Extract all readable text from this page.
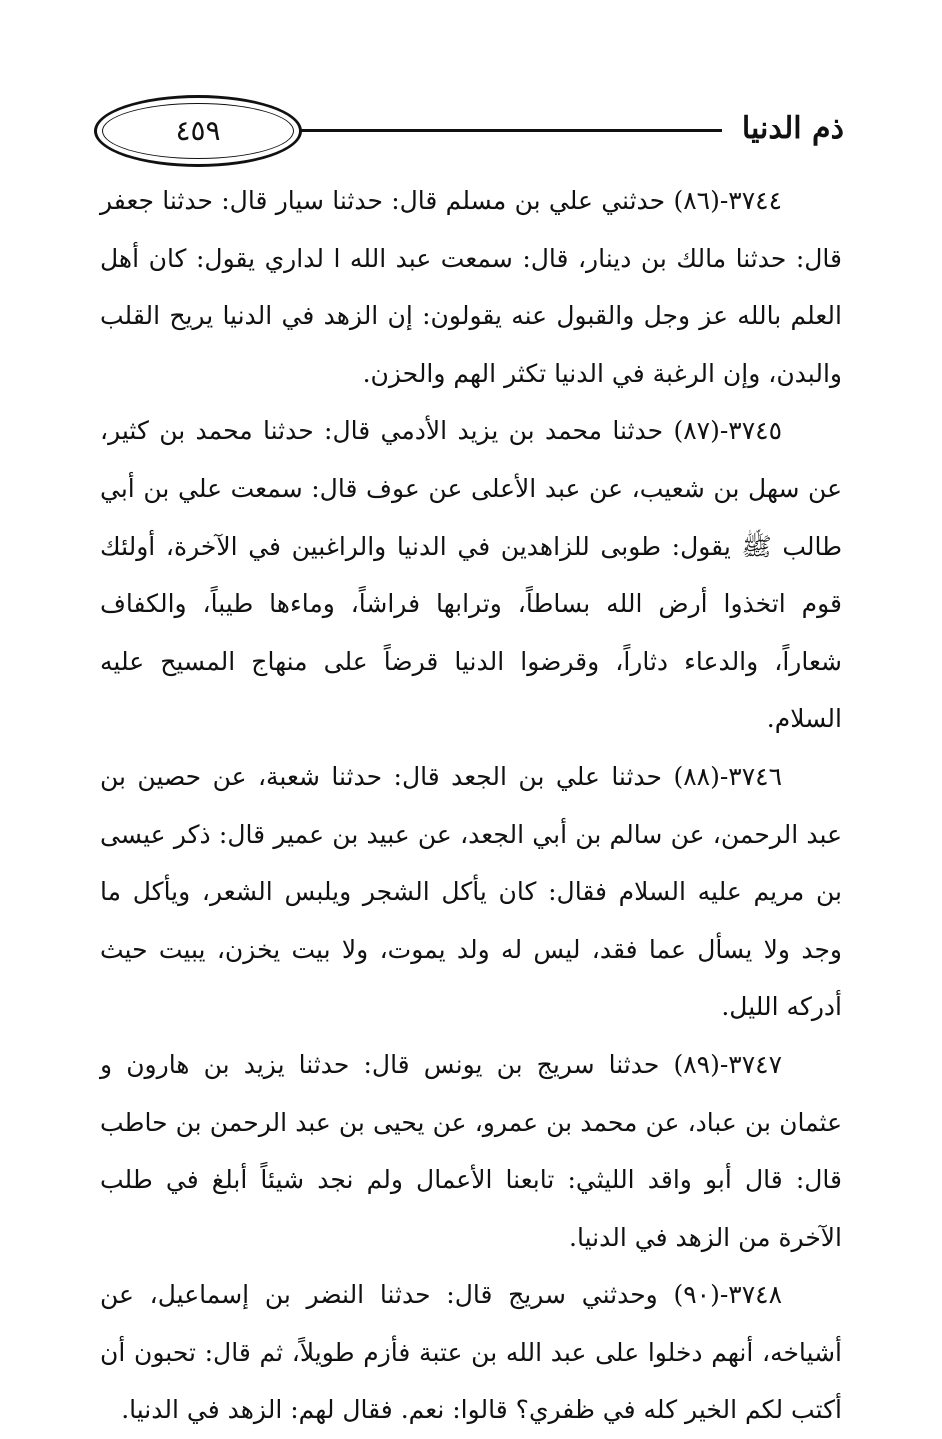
٤٥٩	ذم الدنيا

٣٧٤٤-(٨٦) حدثني علي بن مسلم قال: حدثنا سيار قال: حدثنا جعفر قال: حدثنا مالك بن دينار، قال: سمعت عبد الله ا لداري يقول: كان أهل العلم بالله عز وجل والقبول عنه يقولون: إن الزهد في الدنيا يريح القلب والبدن، وإن الرغبة في الدنيا تكثر الهم والحزن.

٣٧٤٥-(٨٧) حدثنا محمد بن يزيد الأدمي قال: حدثنا محمد بن كثير، عن سهل بن شعيب، عن عبد الأعلى عن عوف قال: سمعت علي بن أبي طالب ﷺ يقول: طوبى للزاهدين في الدنيا والراغبين في الآخرة، أولئك قوم اتخذوا أرض الله بساطاً، وترابها فراشاً، وماءها طيباً، والكفاف شعاراً، والدعاء دثاراً، وقرضوا الدنيا قرضاً على منهاج المسيح عليه السلام.

٣٧٤٦-(٨٨) حدثنا علي بن الجعد قال: حدثنا شعبة، عن حصين بن عبد الرحمن، عن سالم بن أبي الجعد، عن عبيد بن عمير قال: ذكر عيسى بن مريم عليه السلام فقال: كان يأكل الشجر ويلبس الشعر، ويأكل ما وجد ولا يسأل عما فقد، ليس له ولد يموت، ولا بيت يخزن، يبيت حيث أدركه الليل.

٣٧٤٧-(٨٩) حدثنا سريج بن يونس قال: حدثنا يزيد بن هارون و عثمان بن عباد، عن محمد بن عمرو، عن يحيى بن عبد الرحمن بن حاطب قال: قال أبو واقد الليثي: تابعنا الأعمال ولم نجد شيئاً أبلغ في طلب الآخرة من الزهد في الدنيا.

٣٧٤٨-(٩٠) وحدثني سريج قال: حدثنا النضر بن إسماعيل، عن أشياخه، أنهم دخلوا على عبد الله بن عتبة فأزم طويلاً، ثم قال: تحبون أن أكتب لكم الخير كله في ظفري؟ قالوا: نعم. فقال لهم: الزهد في الدنيا.
